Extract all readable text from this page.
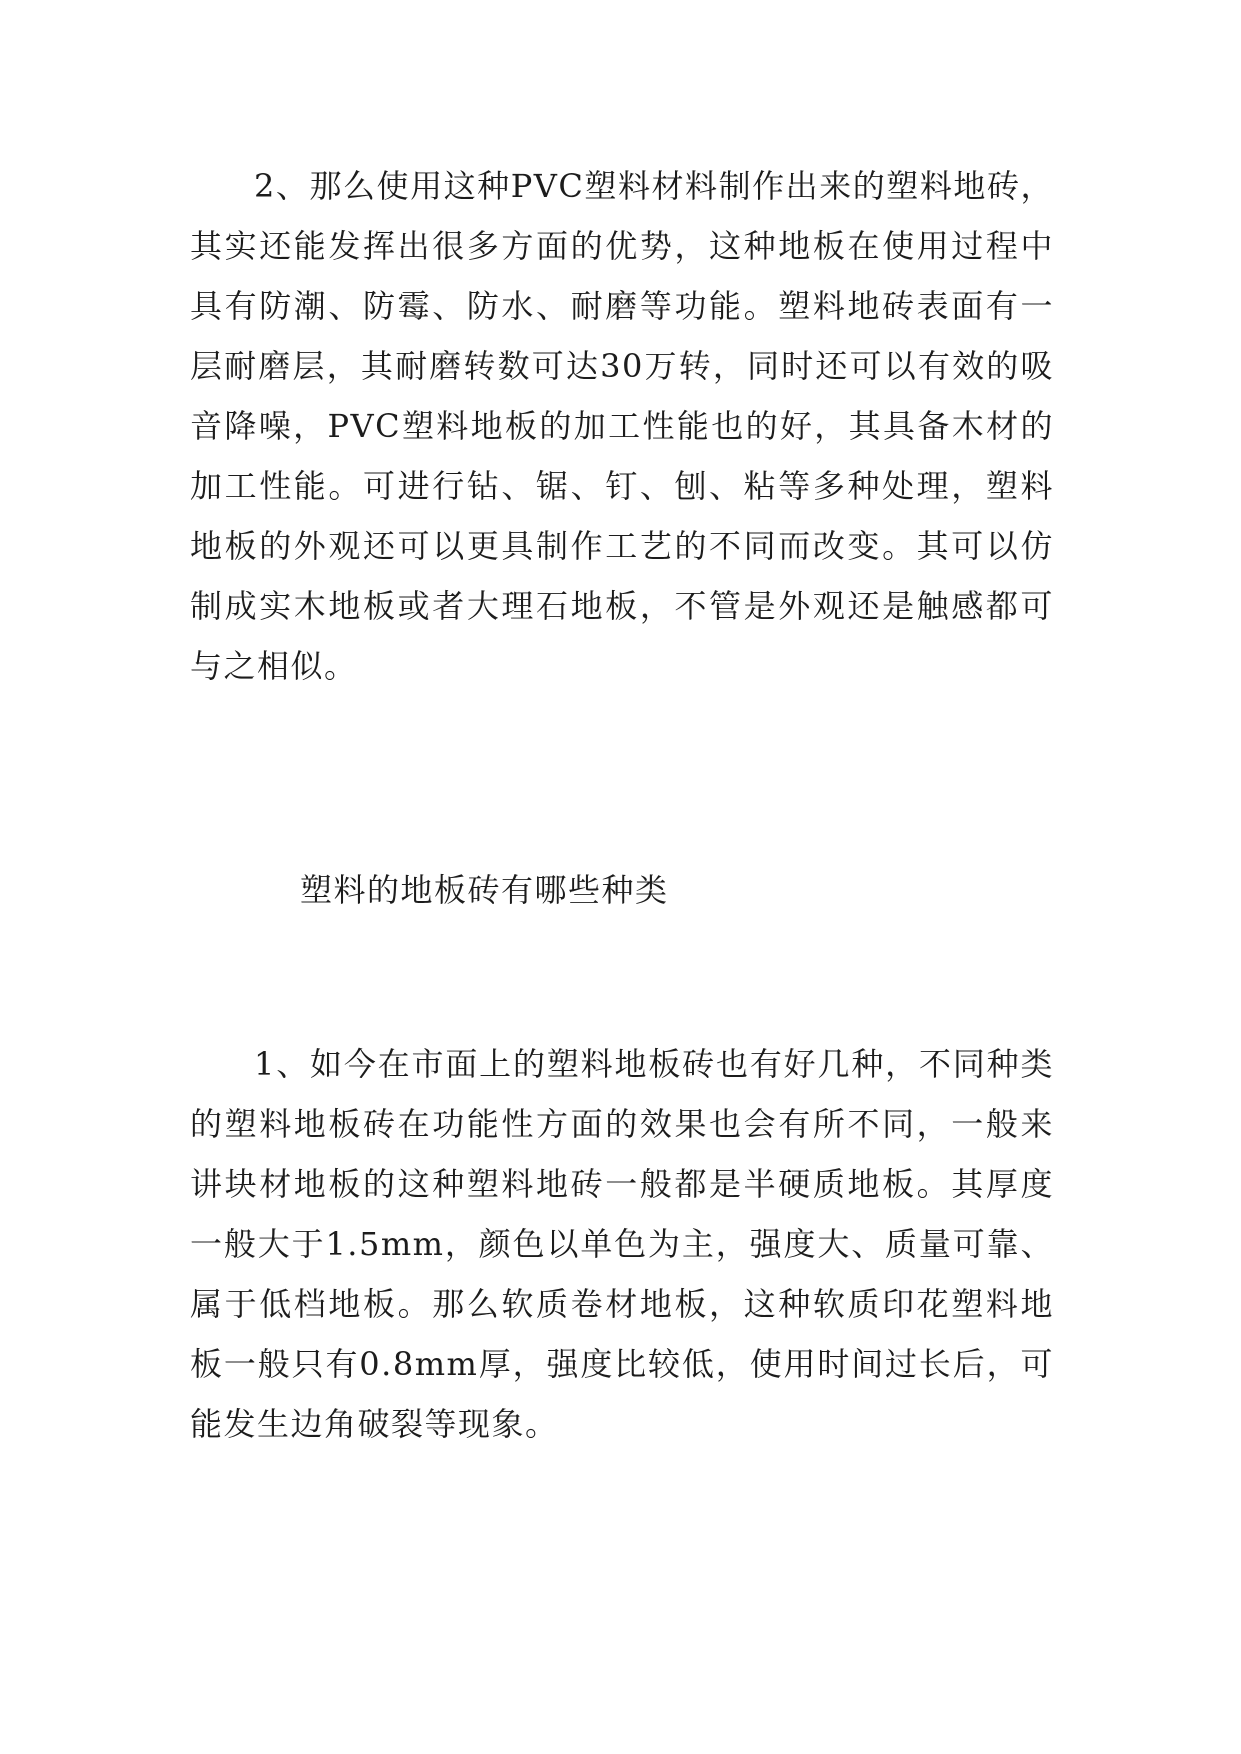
2、那么使用这种PVC塑料材料制作出来的塑料地砖，其实还能发挥出很多方面的优势，这种地板在使用过程中具有防潮、防霉、防水、耐磨等功能。塑料地砖表面有一层耐磨层，其耐磨转数可达30万转，同时还可以有效的吸音降噪，PVC塑料地板的加工性能也的好，其具备木材的加工性能。可进行钻、锯、钉、刨、粘等多种处理，塑料地板的外观还可以更具制作工艺的不同而改变。其可以仿制成实木地板或者大理石地板，不管是外观还是触感都可与之相似。

塑料的地板砖有哪些种类

1、如今在市面上的塑料地板砖也有好几种，不同种类的塑料地板砖在功能性方面的效果也会有所不同，一般来讲块材地板的这种塑料地砖一般都是半硬质地板。其厚度一般大于1.5mm，颜色以单色为主，强度大、质量可靠、属于低档地板。那么软质卷材地板，这种软质印花塑料地板一般只有0.8mm厚，强度比较低，使用时间过长后，可能发生边角破裂等现象。
